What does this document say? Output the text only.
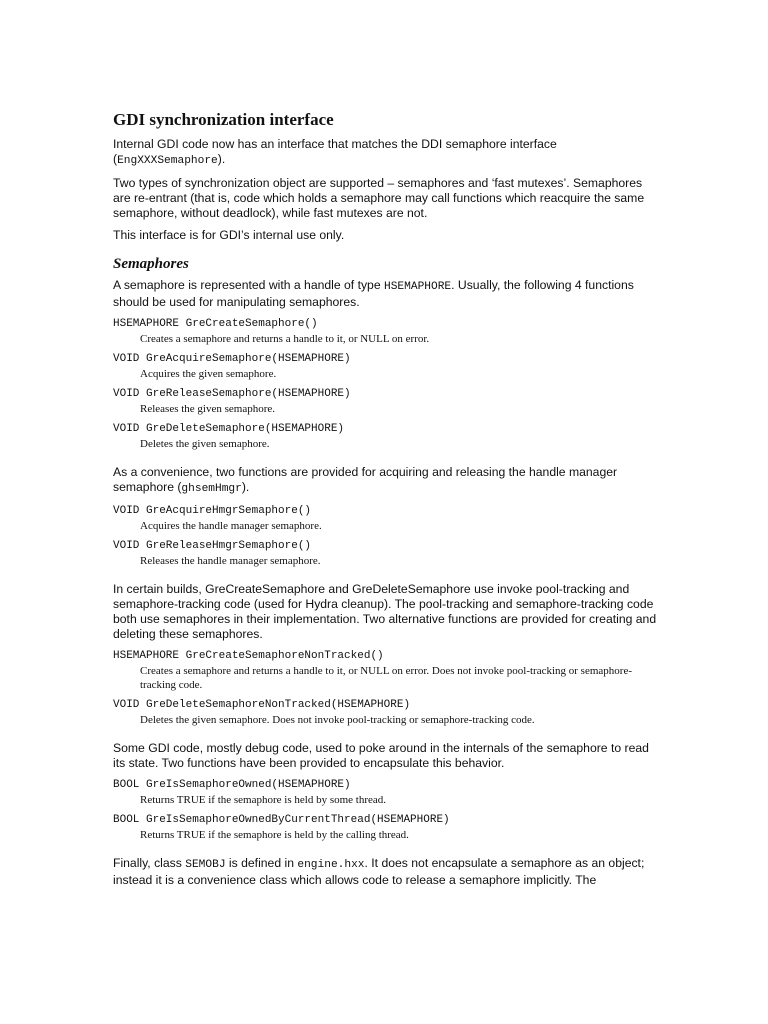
GDI synchronization interface

Internal GDI code now has an interface that matches the DDI semaphore interface (EngXXXSemaphore).

Two types of synchronization object are supported – semaphores and ‘fast mutexes’. Semaphores are re-entrant (that is, code which holds a semaphore may call functions which reacquire the same semaphore, without deadlock), while fast mutexes are not.

This interface is for GDI’s internal use only.

Semaphores

A semaphore is represented with a handle of type HSEMAPHORE. Usually, the following 4 functions should be used for manipulating semaphores.

HSEMAPHORE GreCreateSemaphore()
Creates a semaphore and returns a handle to it, or NULL on error.
VOID GreAcquireSemaphore(HSEMAPHORE)
Acquires the given semaphore.
VOID GreReleaseSemaphore(HSEMAPHORE)
Releases the given semaphore.
VOID GreDeleteSemaphore(HSEMAPHORE)
Deletes the given semaphore.

As a convenience, two functions are provided for acquiring and releasing the handle manager semaphore (ghsemHmgr).

VOID GreAcquireHmgrSemaphore()
Acquires the handle manager semaphore.
VOID GreReleaseHmgrSemaphore()
Releases the handle manager semaphore.

In certain builds, GreCreateSemaphore and GreDeleteSemaphore use invoke pool-tracking and semaphore-tracking code (used for Hydra cleanup). The pool-tracking and semaphore-tracking code both use semaphores in their implementation. Two alternative functions are provided for creating and deleting these semaphores.

HSEMAPHORE GreCreateSemaphoreNonTracked()
Creates a semaphore and returns a handle to it, or NULL on error. Does not invoke pool-tracking or semaphore-tracking code.
VOID GreDeleteSemaphoreNonTracked(HSEMAPHORE)
Deletes the given semaphore. Does not invoke pool-tracking or semaphore-tracking code.

Some GDI code, mostly debug code, used to poke around in the internals of the semaphore to read its state. Two functions have been provided to encapsulate this behavior.

BOOL GreIsSemaphoreOwned(HSEMAPHORE)
Returns TRUE if the semaphore is held by some thread.
BOOL GreIsSemaphoreOwnedByCurrentThread(HSEMAPHORE)
Returns TRUE if the semaphore is held by the calling thread.

Finally, class SEMOBJ is defined in engine.hxx. It does not encapsulate a semaphore as an object; instead it is a convenience class which allows code to release a semaphore implicitly. The
